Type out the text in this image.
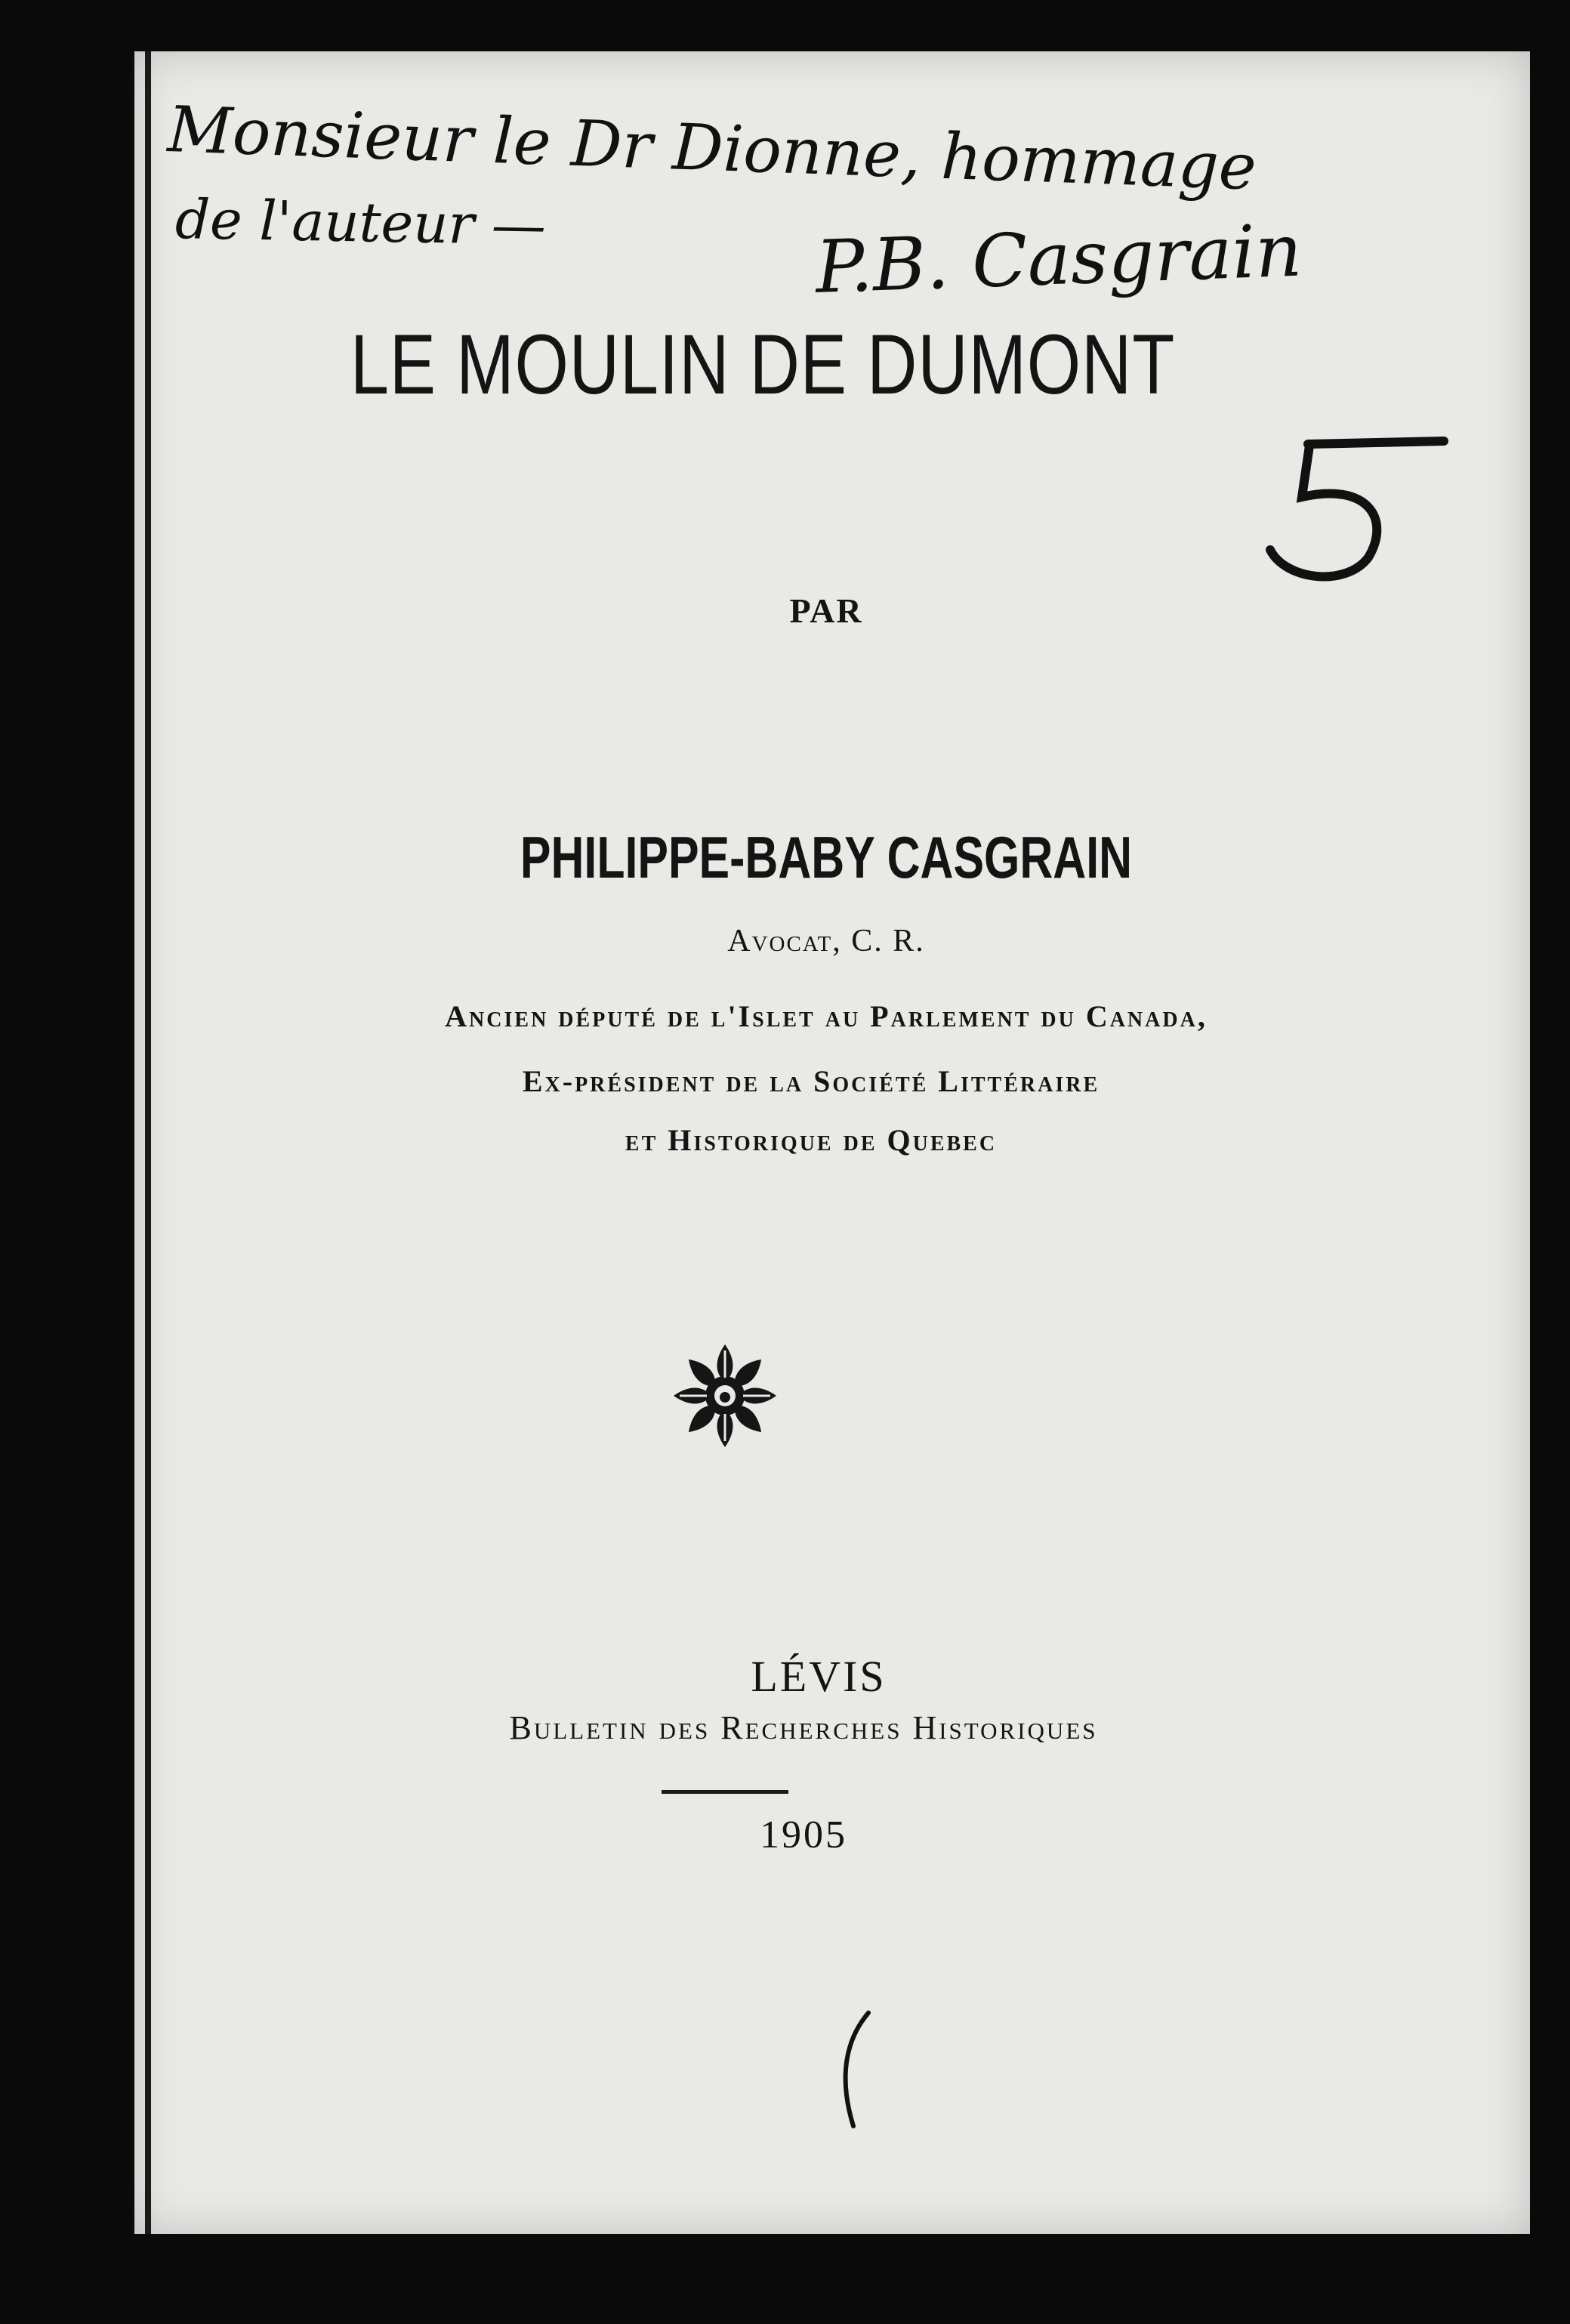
Monsieur le Dr Dionne, hommage
de l'auteur —	P.B. Casgrain
LE MOULIN DE DUMONT
PAR
PHILIPPE-BABY CASGRAIN
Avocat, C. R.
Ancien député de l'Islet au Parlement du Canada,
Ex-président de la Société Littéraire
et Historique de Quebec
LÉVIS
Bulletin des Recherches Historiques
1905
